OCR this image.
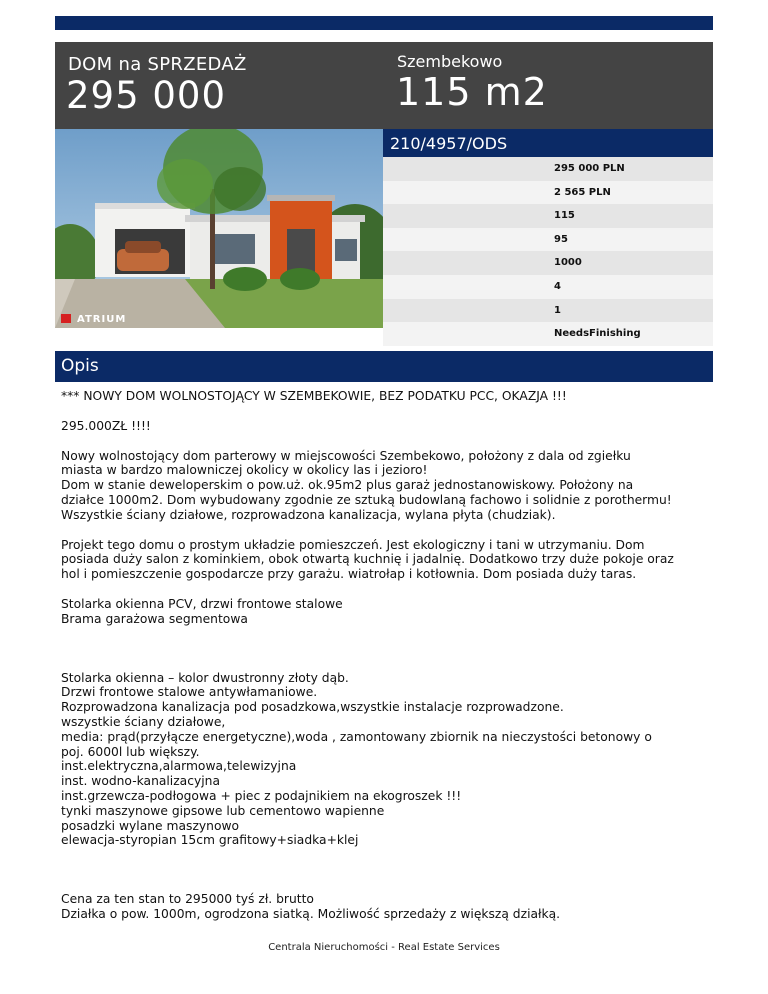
DOM na SPRZEDAŻ
295 000
Szembekowo
115 m2
ATRIUM
210/4957/ODS
295 000 PLN
2 565 PLN
115
95
1000
4
1
NeedsFinishing
Opis

*** NOWY DOM WOLNOSTOJĄCY W SZEMBEKOWIE, BEZ PODATKU PCC, OKAZJA !!!

295.000ZŁ !!!!

Nowy wolnostojący dom parterowy w miejscowości Szembekowo, położony z dala od zgiełku
miasta w bardzo malowniczej okolicy w okolicy las i jezioro!
Dom w stanie deweloperskim o pow.uż. ok.95m2 plus garaż jednostanowiskowy. Położony na
działce 1000m2. Dom wybudowany zgodnie ze sztuką budowlaną fachowo i solidnie z porothermu!
Wszystkie ściany działowe, rozprowadzona kanalizacja, wylana płyta (chudziak).

Projekt tego domu o prostym układzie pomieszczeń. Jest ekologiczny i tani w utrzymaniu. Dom
posiada duży salon z kominkiem, obok otwartą kuchnię i jadalnię. Dodatkowo trzy duże pokoje oraz
hol i pomieszczenie gospodarcze przy garażu. wiatrołap i kotłownia. Dom posiada duży taras.

Stolarka okienna PCV, drzwi frontowe stalowe
Brama garażowa segmentowa

Stolarka okienna – kolor dwustronny złoty dąb.
Drzwi frontowe stalowe antywłamaniowe.
Rozprowadzona kanalizacja pod posadzkowa,wszystkie instalacje rozprowadzone.
wszystkie ściany działowe,
media: prąd(przyłącze energetyczne),woda , zamontowany zbiornik na nieczystości betonowy o
poj. 6000l lub większy.
inst.elektryczna,alarmowa,telewizyjna
inst. wodno-kanalizacyjna
inst.grzewcza-podłogowa + piec z podajnikiem na ekogroszek !!!
tynki maszynowe gipsowe lub cementowo wapienne
posadzki wylane maszynowo
elewacja-styropian 15cm grafitowy+siadka+klej

Cena za ten stan to 295000 tyś zł. brutto
Działka o pow. 1000m, ogrodzona siatką. Możliwość sprzedaży z większą działką.

Centrala Nieruchomości - Real Estate Services
